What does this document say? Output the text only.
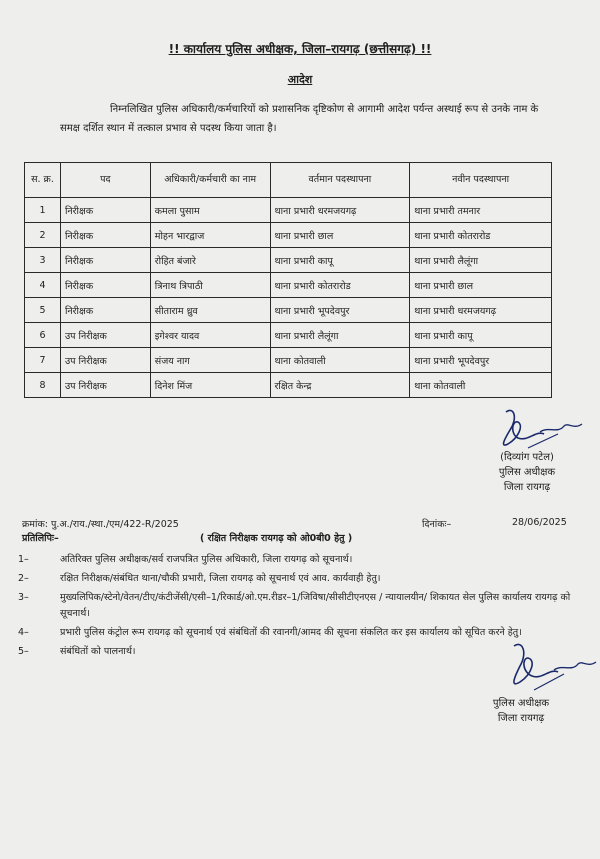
!! कार्यालय पुलिस अधीक्षक, जिला–रायगढ़ (छत्तीसगढ़) !!
आदेश
निम्नलिखित पुलिस अधिकारी/कर्मचारियों को प्रशासनिक दृष्टिकोण से आगामी आदेश पर्यन्त अस्थाई रूप से उनके नाम के समक्ष दर्शित स्थान में तत्काल प्रभाव से पदस्थ किया जाता है।
स. क्र.	पद	अधिकारी/कर्मचारी का नाम	वर्तमान पदस्थापना	नवीन पदस्थापना
1	निरीक्षक	कमला पुसाम	थाना प्रभारी धरमजयगढ़	थाना प्रभारी तमनार
2	निरीक्षक	मोहन भारद्वाज	थाना प्रभारी छाल	थाना प्रभारी कोतरारोड
3	निरीक्षक	रोहित बंजारे	थाना प्रभारी कापू	थाना प्रभारी लैलूंगा
4	निरीक्षक	त्रिनाथ त्रिपाठी	थाना प्रभारी कोतरारोड	थाना प्रभारी छाल
5	निरीक्षक	सीताराम ध्रुव	थाना प्रभारी भूपदेवपुर	थाना प्रभारी धरमजयगढ़
6	उप निरीक्षक	इगेश्वर यादव	थाना प्रभारी लैलूंगा	थाना प्रभारी कापू
7	उप निरीक्षक	संजय नाग	थाना कोतवाली	थाना प्रभारी भूपदेवपुर
8	उप निरीक्षक	दिनेश मिंज	रक्षित केन्द्र	थाना कोतवाली
(दिव्यांग पटेल)
पुलिस अधीक्षक
जिला रायगढ़
क्रमांक: पु.अ./राय./स्था./एम/422-R/2025	दिनांकः–	28/06/2025
प्रतिलिपिः–	( रक्षित निरीक्षक रायगढ़ को ओ0बी0 हेतु )
1–	अतिरिक्त पुलिस अधीक्षक/सर्व राजपत्रित पुलिस अधिकारी, जिला रायगढ़ को सूचनार्थ।
2–	रक्षित निरीक्षक/संबंधित थाना/चौकी प्रभारी, जिला रायगढ़ को सूचनार्थ एवं आव. कार्यवाही हेतु।
3–	मुख्यलिपिक/स्टेनो/वेतन/टीए/कंटीजेंसी/एसी–1/रिकार्ड/ओ.एम.रीडर–1/जिविषा/सीसीटीएनएस / न्यायालयीन/ शिकायत सेल पुलिस कार्यालय रायगढ़ को सूचनार्थ।
4–	प्रभारी पुलिस कंट्रोल रूम रायगढ़ को सूचनार्थ एवं संबंधितों की रवानगी/आमद की सूचना संकलित कर इस कार्यालय को सूचित करने हेतु।
5–	संबंधितों को पालनार्थ।
पुलिस अधीक्षक
जिला रायगढ़
